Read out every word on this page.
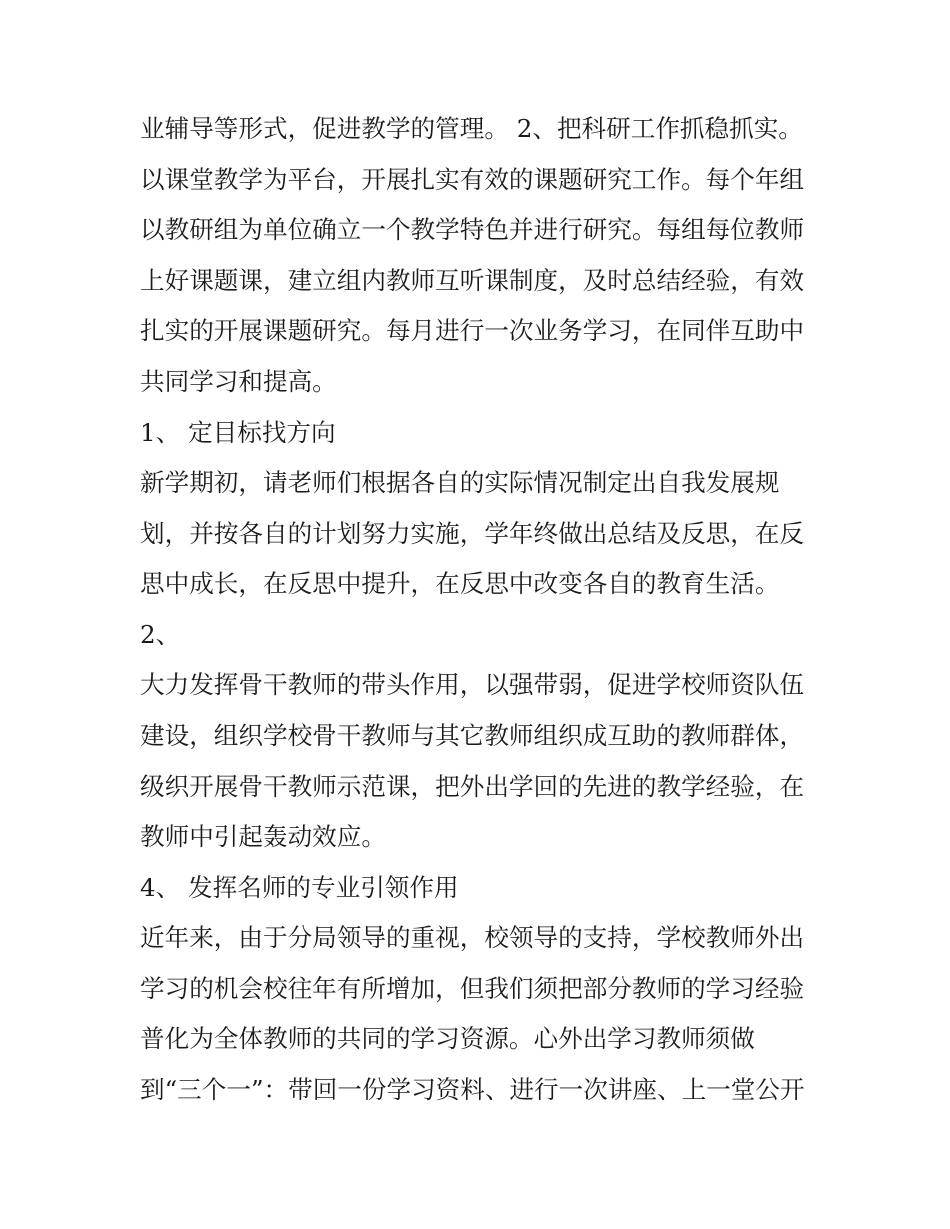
业辅导等形式，促进教学的管理。 2、把科研工作抓稳抓实。

以课堂教学为平台，开展扎实有效的课题研究工作。每个年组

以教研组为单位确立一个教学特色并进行研究。每组每位教师

上好课题课，建立组内教师互听课制度，及时总结经验，有效

扎实的开展课题研究。每月进行一次业务学习，在同伴互助中

共同学习和提高。

1、 定目标找方向

新学期初，请老师们根据各自的实际情况制定出自我发展规

划，并按各自的计划努力实施，学年终做出总结及反思，在反

思中成长，在反思中提升，在反思中改变各自的教育生活。

2、

大力发挥骨干教师的带头作用，以强带弱，促进学校师资队伍

建设，组织学校骨干教师与其它教师组织成互助的教师群体，

级织开展骨干教师示范课，把外出学回的先进的教学经验，在

教师中引起轰动效应。

4、 发挥名师的专业引领作用

近年来，由于分局领导的重视，校领导的支持，学校教师外出

学习的机会校往年有所增加，但我们须把部分教师的学习经验

普化为全体教师的共同的学习资源。心外出学习教师须做

到“三个一”：带回一份学习资料、进行一次讲座、上一堂公开
